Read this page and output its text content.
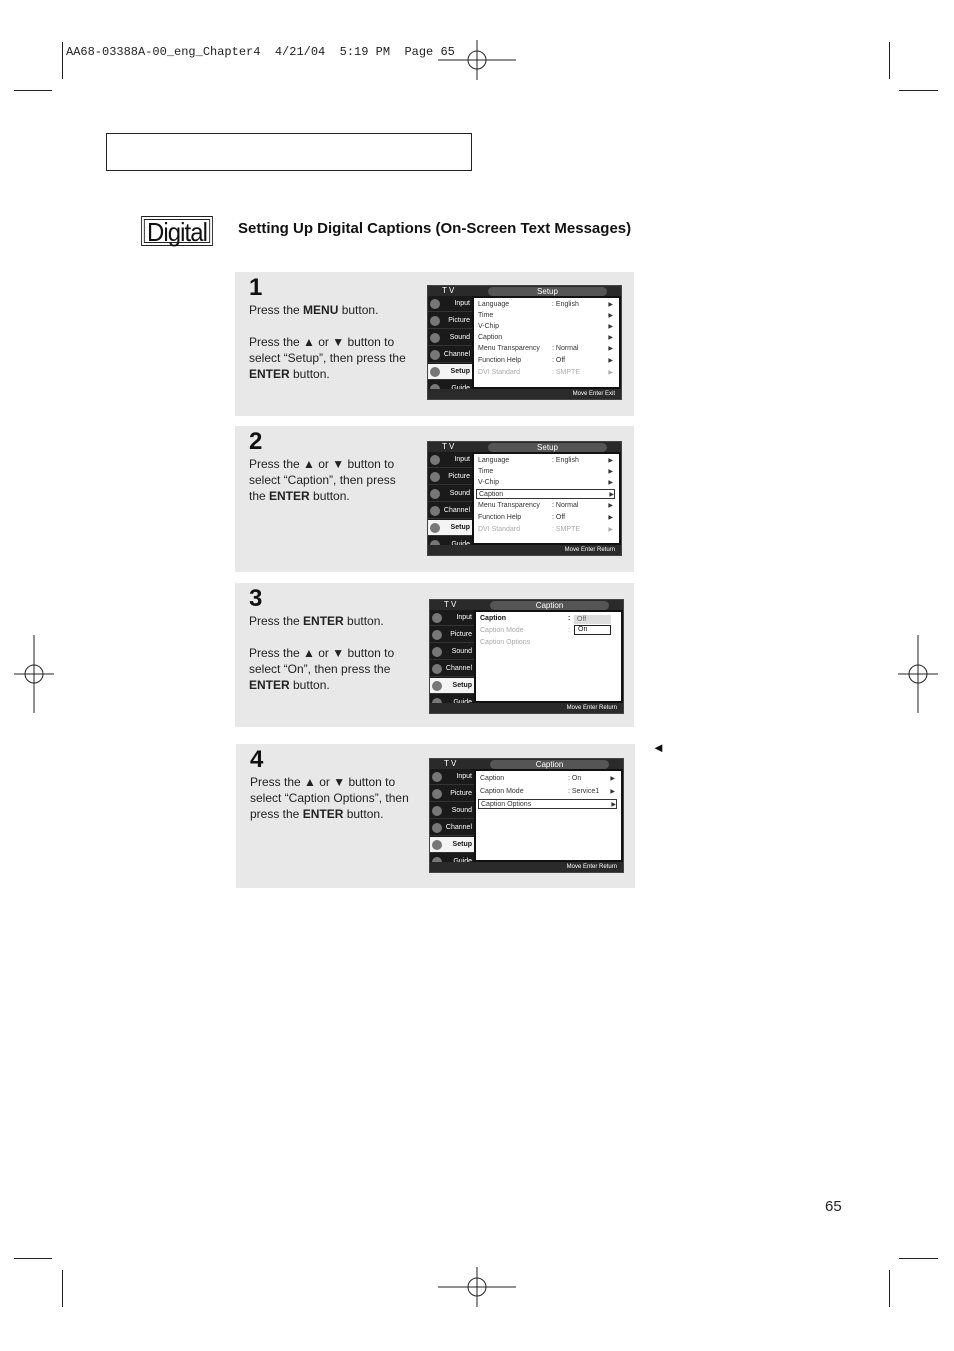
AA68-03388A-00_eng_Chapter4  4/21/04  5:19 PM  Page 65
Digital	Setting Up Digital Captions (On-Screen Text Messages)
1

Press the MENU button.

Press the ▲ or ▼ button to select “Setup”, then press the ENTER button.

T V	Setup
Input
Picture
Sound
Channel
Setup
Language	: English	▶
Time	▶
V-Chip	▶
Caption	▶
Menu Transparency : Normal	▶
Function Help	: Off	▶
DVI Standard	: SMPTE	▶
Move Enter Exit
2

Press the ▲ or ▼ button to select “Caption”, then press the ENTER button.

T V	Setup
Input
Picture
Sound
Channel
Setup
Language	: English	▶
Time	▶
V-Chip	▶
Caption	▶
Menu Transparency : Normal	▶
Function Help	: Off	▶
DVI Standard	: SMPTE	▶
Move Enter Return
3

Press the ENTER button.

Press the ▲ or ▼ button to select “On”, then press the ENTER button.

T V	Caption
Input
Picture
Sound
Channel
Setup
Caption	:
Caption Mode	:
Caption Options
Off
On
Move Enter Return
4

Press the ▲ or ▼ button to select “Caption Options”, then press the ENTER button.

T V	Caption
Input
Picture
Sound
Channel
Setup
Caption	: On	▶
Caption Mode	: Service1 ▶
Caption Options	▶
Move Enter Return
◄
65
